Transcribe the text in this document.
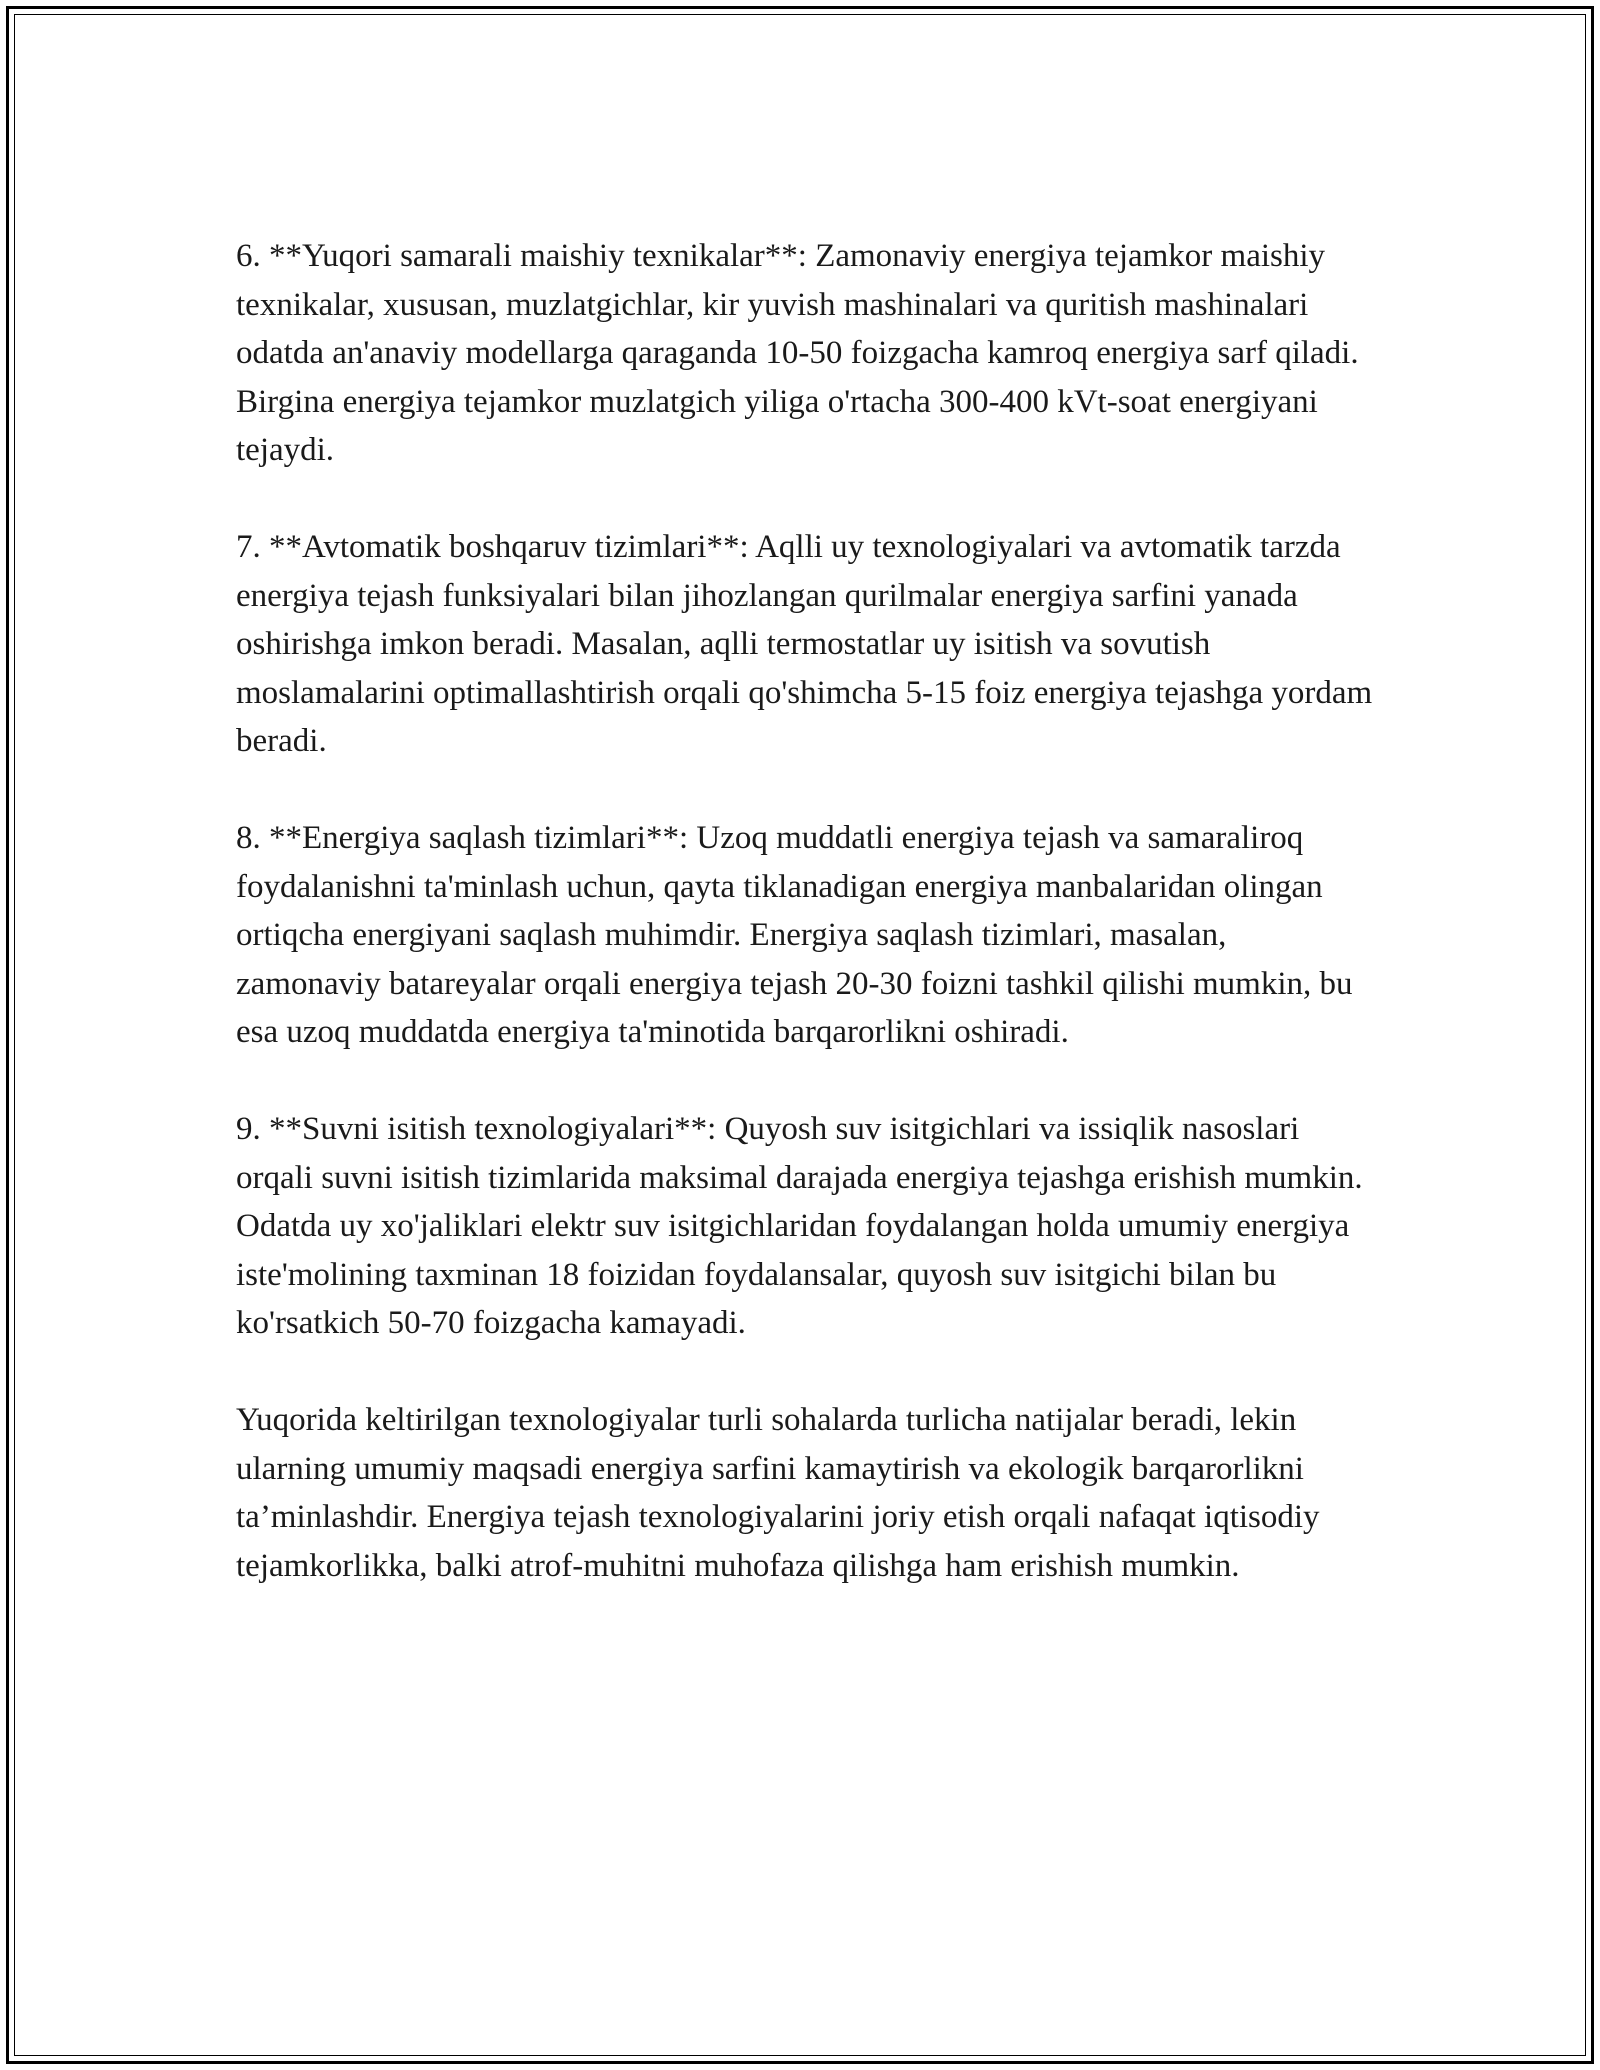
6. **Yuqori samarali maishiy texnikalar**: Zamonaviy energiya tejamkor maishiy texnikalar, xususan, muzlatgichlar, kir yuvish mashinalari va quritish mashinalari odatda an'anaviy modellarga qaraganda 10-50 foizgacha kamroq energiya sarf qiladi. Birgina energiya tejamkor muzlatgich yiliga o'rtacha 300-400 kVt-soat energiyani tejaydi.

7. **Avtomatik boshqaruv tizimlari**: Aqlli uy texnologiyalari va avtomatik tarzda energiya tejash funksiyalari bilan jihozlangan qurilmalar energiya sarfini yanada oshirishga imkon beradi. Masalan, aqlli termostatlar uy isitish va sovutish moslamalarini optimallashtirish orqali qo'shimcha 5-15 foiz energiya tejashga yordam beradi.

8. **Energiya saqlash tizimlari**: Uzoq muddatli energiya tejash va samaraliroq foydalanishni ta'minlash uchun, qayta tiklanadigan energiya manbalaridan olingan ortiqcha energiyani saqlash muhimdir. Energiya saqlash tizimlari, masalan, zamonaviy batareyalar orqali energiya tejash 20-30 foizni tashkil qilishi mumkin, bu esa uzoq muddatda energiya ta'minotida barqarorlikni oshiradi.

9. **Suvni isitish texnologiyalari**: Quyosh suv isitgichlari va issiqlik nasoslari orqali suvni isitish tizimlarida maksimal darajada energiya tejashga erishish mumkin. Odatda uy xo'jaliklari elektr suv isitgichlaridan foydalangan holda umumiy energiya iste'molining taxminan 18 foizidan foydalansalar, quyosh suv isitgichi bilan bu ko'rsatkich 50-70 foizgacha kamayadi.

Yuqorida keltirilgan texnologiyalar turli sohalarda turlicha natijalar beradi, lekin ularning umumiy maqsadi energiya sarfini kamaytirish va ekologik barqarorlikni ta’minlashdir. Energiya tejash texnologiyalarini joriy etish orqali nafaqat iqtisodiy tejamkorlikka, balki atrof-muhitni muhofaza qilishga ham erishish mumkin.
